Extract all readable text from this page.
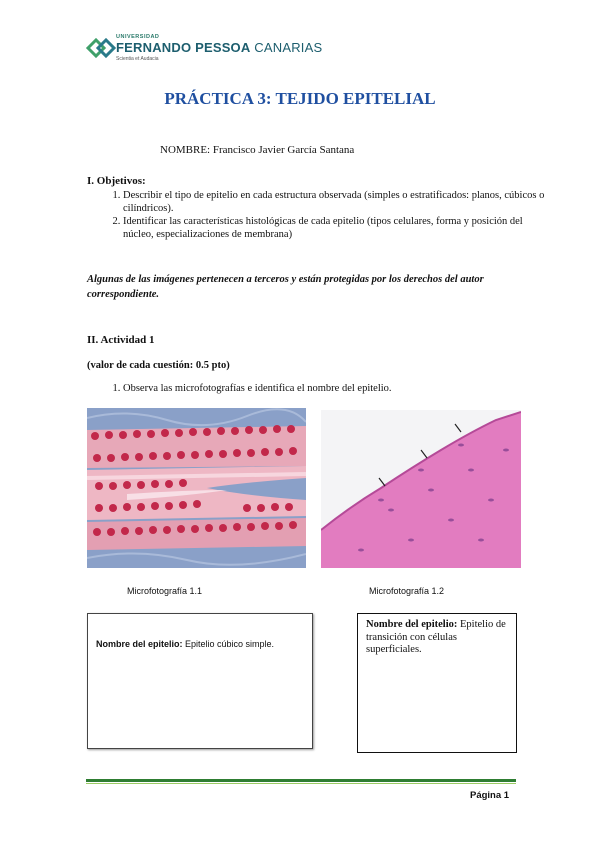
UNIVERSIDAD
FERNANDO PESSOA CANARIAS
Scientia et Audacia
PRÁCTICA 3: TEJIDO EPITELIAL
NOMBRE: Francisco Javier García Santana
I. Objetivos:
1. Describir el tipo de epitelio en cada estructura observada (simples o estratificados: planos, cúbicos o cilíndricos).
2. Identificar las características histológicas de cada epitelio (tipos celulares, forma y posición del núcleo, especializaciones de membrana)
Algunas de las imágenes pertenecen a terceros y están protegidas por los derechos del autor correspondiente.
II. Actividad 1
(valor de cada cuestión: 0.5 pto)
1. Observa las microfotografías e identifica el nombre del epitelio.
Microfotografía 1.1	Microfotografía 1.2
Nombre del epitelio: Epitelio cúbico simple.
Nombre del epitelio: Epitelio de transición con células superficiales.
Página 1
